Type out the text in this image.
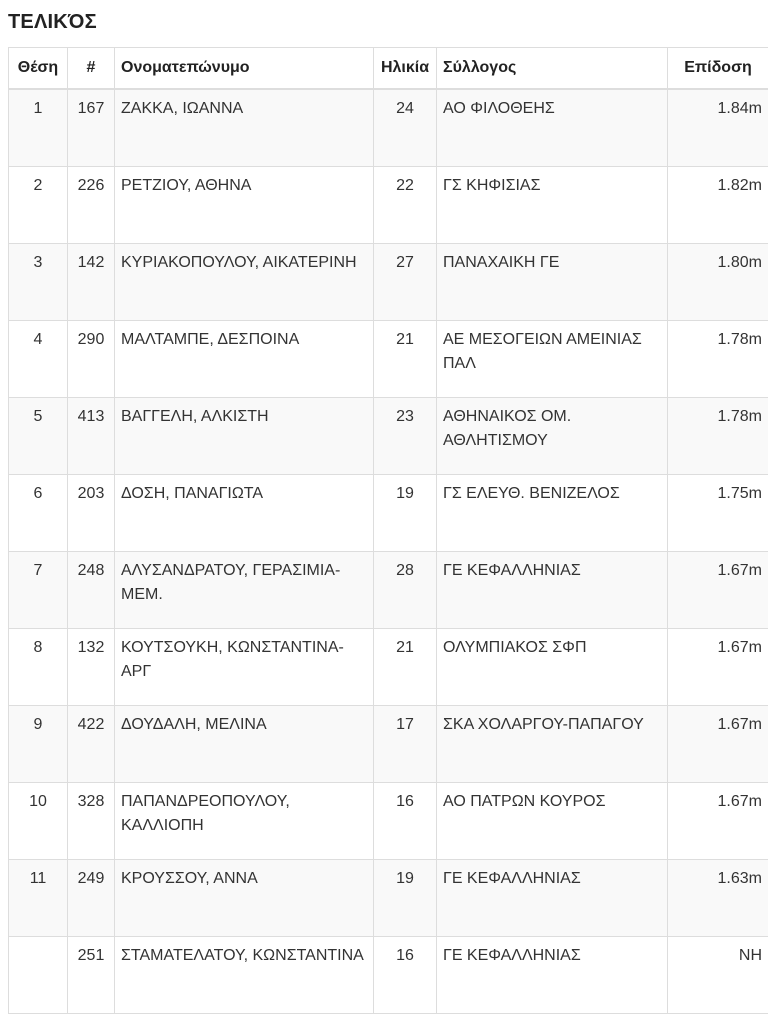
ΤΕΛΙΚΌΣ
Θέση	#	Ονοματεπώνυμο	Ηλικία	Σύλλογος	Επίδοση
1	167	ΖΑΚΚΑ, ΙΩΑΝΝΑ	24	ΑΟ ΦΙΛΟΘΕΗΣ	1.84m
2	226	ΡΕΤΖΙΟΥ, ΑΘΗΝΑ	22	ΓΣ ΚΗΦΙΣΙΑΣ	1.82m
3	142	ΚΥΡΙΑΚΟΠΟΥΛΟΥ, ΑΙΚΑΤΕΡΙΝΗ	27	ΠΑΝΑΧΑΙΚΗ ΓΕ	1.80m
4	290	ΜΑΛΤΑΜΠΕ, ΔΕΣΠΟΙΝΑ	21	ΑΕ ΜΕΣΟΓΕΙΩΝ ΑΜΕΙΝΙΑΣ ΠΑΛ	1.78m
5	413	ΒΑΓΓΕΛΗ, ΑΛΚΙΣΤΗ	23	ΑΘΗΝΑΙΚΟΣ ΟΜ. ΑΘΛΗΤΙΣΜΟΥ	1.78m
6	203	ΔΟΣΗ, ΠΑΝΑΓΙΩΤΑ	19	ΓΣ ΕΛΕΥΘ. ΒΕΝΙΖΕΛΟΣ	1.75m
7	248	ΑΛΥΣΑΝΔΡΑΤΟΥ, ΓΕΡΑΣΙΜΙΑ-ΜΕΜ.	28	ΓΕ ΚΕΦΑΛΛΗΝΙΑΣ	1.67m
8	132	ΚΟΥΤΣΟΥΚΗ, ΚΩΝΣΤΑΝΤΙΝΑ-ΑΡΓ	21	ΟΛΥΜΠΙΑΚΟΣ ΣΦΠ	1.67m
9	422	ΔΟΥΔΑΛΗ, ΜΕΛΙΝΑ	17	ΣΚΑ ΧΟΛΑΡΓΟΥ-ΠΑΠΑΓΟΥ	1.67m
10	328	ΠΑΠΑΝΔΡΕΟΠΟΥΛΟΥ, ΚΑΛΛΙΟΠΗ	16	ΑΟ ΠΑΤΡΩΝ ΚΟΥΡΟΣ	1.67m
11	249	ΚΡΟΥΣΣΟΥ, ΑΝΝΑ	19	ΓΕ ΚΕΦΑΛΛΗΝΙΑΣ	1.63m
	251	ΣΤΑΜΑΤΕΛΑΤΟΥ, ΚΩΝΣΤΑΝΤΙΝΑ	16	ΓΕ ΚΕΦΑΛΛΗΝΙΑΣ	ΝΗ
